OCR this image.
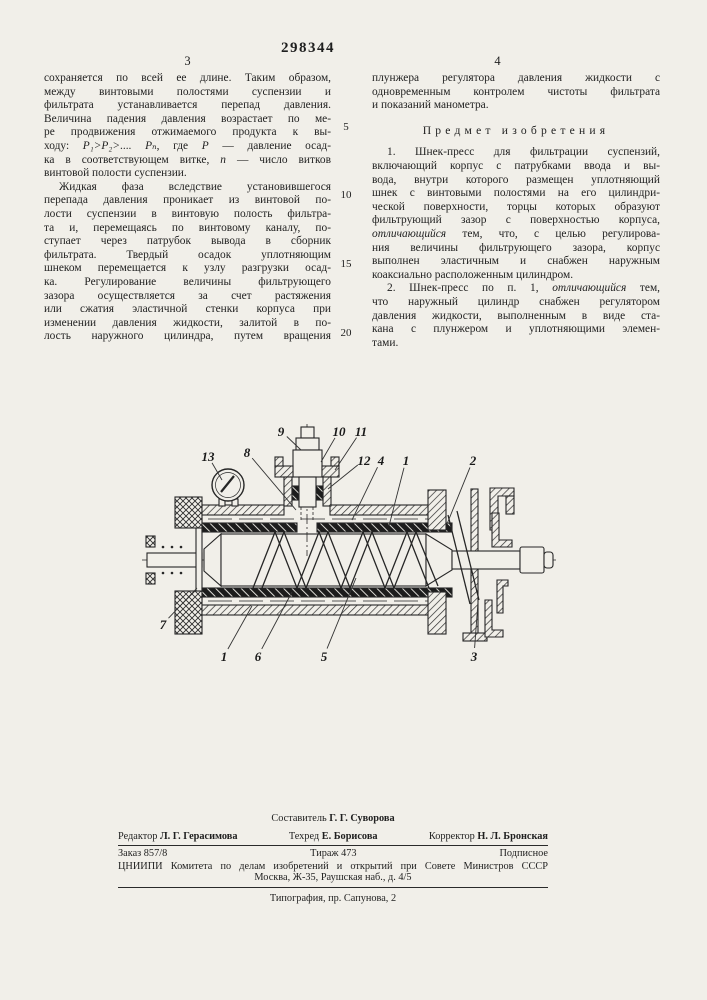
298344
3	4
сохраняется по всей ее длине. Таким образом,
между винтовыми полостями суспензии и
фильтрата устанавливается перепад давления.
Величина падения давления возрастает по ме-
ре продвижения отжимаемого продукта к вы-
ходу: P₁>P₂>.... Pₙ, где P — давление осад-
ка в соответствующем витке, n — число витков
винтовой полости суспензии.
Жидкая фаза вследствие установившегося
перепада давления проникает из винтовой по-
лости суспензии в винтовую полость фильтра-
та и, перемещаясь по винтовому каналу, по-
ступает через патрубок вывода в сборник
фильтрата. Твердый осадок уплотняющим
шнеком перемещается к узлу разгрузки осад-
ка. Регулирование величины фильтрующего
зазора осуществляется за счет растяжения
или сжатия эластичной стенки корпуса при
изменении давления жидкости, залитой в по-
лость наружного цилиндра, путем вращения
плунжера регулятора давления жидкости с
одновременным контролем чистоты фильтрата
и показаний манометра.
Предмет изобретения
1. Шнек-пресс для фильтрации суспензий,
включающий корпус с патрубками ввода и вы-
вода, внутри которого размещен уплотняющий
шнек с винтовыми полостями на его цилиндри-
ческой поверхности, торцы которых образуют
фильтрующий зазор с поверхностью корпуса,
отличающийся тем, что, с целью регулирова-
ния величины фильтрующего зазора, корпус
выполнен эластичным и снабжен наружным
коаксиально расположенным цилиндром.
2. Шнек-пресс по п. 1, отличающийся тем,
что наружный цилиндр снабжен регулятором
давления жидкости, выполненным в виде ста-
кана с плунжером и уплотняющими элемен-
тами.
5
10
15
20
13 8
9	10 11
12 4 1	2
7
1 6	5	3
Составитель Г. Г. Суворова
Редактор Л. Г. Герасимова	Техред Е. Борисова	Корректор Н. Л. Бронская
Заказ 857/8	Тираж 473	Подписное
ЦНИИПИ Комитета по делам изобретений и открытий при Совете Министров СССР
Москва, Ж-35, Раушская наб., д. 4/5
Типография, пр. Сапунова, 2
